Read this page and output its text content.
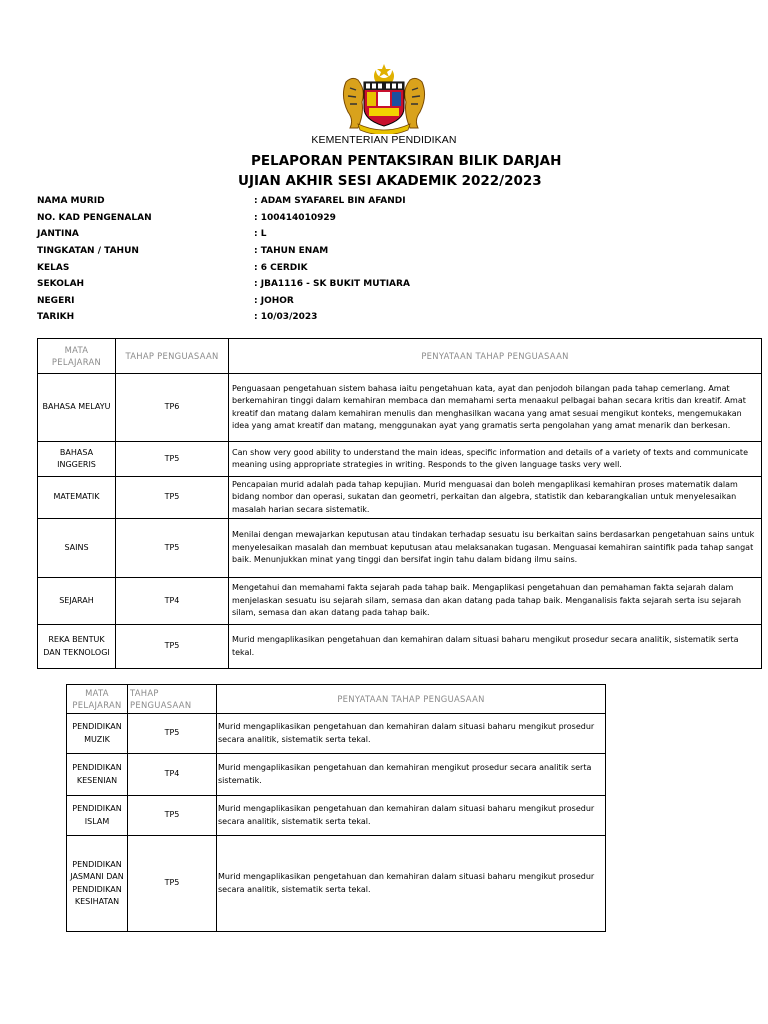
KEMENTERIAN PENDIDIKAN
PELAPORAN PENTAKSIRAN BILIK DARJAH
UJIAN AKHIR SESI AKADEMIK 2022/2023
NAMA MURID	: ADAM SYAFAREL BIN AFANDI
NO. KAD PENGENALAN	: 100414010929
JANTINA	: L
TINGKATAN / TAHUN	: TAHUN ENAM
KELAS	: 6 CERDIK
SEKOLAH	: JBA1116 - SK BUKIT MUTIARA
NEGERI	: JOHOR
TARIKH	: 10/03/2023
MATA PELAJARAN	TAHAP PENGUASAAN	PENYATAAN TAHAP PENGUASAAN
BAHASA MELAYU	TP6	Penguasaan pengetahuan sistem bahasa iaitu pengetahuan kata, ayat dan penjodoh bilangan pada tahap cemerlang. Amat berkemahiran tinggi dalam kemahiran membaca dan memahami serta menaakul pelbagai bahan secara kritis dan kreatif. Amat kreatif dan matang dalam kemahiran menulis dan menghasilkan wacana yang amat sesuai mengikut konteks, mengemukakan idea yang amat kreatif dan matang, menggunakan ayat yang gramatis serta pengolahan yang amat menarik dan berkesan.
BAHASA INGGERIS	TP5	Can show very good ability to understand the main ideas, specific information and details of a variety of texts and communicate meaning using appropriate strategies in writing. Responds to the given language tasks very well.
MATEMATIK	TP5	Pencapaian murid adalah pada tahap kepujian. Murid menguasai dan boleh mengaplikasi kemahiran proses matematik dalam bidang nombor dan operasi, sukatan dan geometri, perkaitan dan algebra, statistik dan kebarangkalian untuk menyelesaikan masalah harian secara sistematik.
SAINS	TP5	Menilai dengan mewajarkan keputusan atau tindakan terhadap sesuatu isu berkaitan sains berdasarkan pengetahuan sains untuk menyelesaikan masalah dan membuat keputusan atau melaksanakan tugasan. Menguasai kemahiran saintifik pada tahap sangat baik. Menunjukkan minat yang tinggi dan bersifat ingin tahu dalam bidang ilmu sains.
SEJARAH	TP4	Mengetahui dan memahami fakta sejarah pada tahap baik. Mengaplikasi pengetahuan dan pemahaman fakta sejarah dalam menjelaskan sesuatu isu sejarah silam, semasa dan akan datang pada tahap baik. Menganalisis fakta sejarah serta isu sejarah silam, semasa dan akan datang pada tahap baik.
REKA BENTUK DAN TEKNOLOGI	TP5	Murid mengaplikasikan pengetahuan dan kemahiran dalam situasi baharu mengikut prosedur secara analitik, sistematik serta tekal.
MATA PELAJARAN	TAHAP PENGUASAAN	PENYATAAN TAHAP PENGUASAAN
PENDIDIKAN MUZIK	TP5	Murid mengaplikasikan pengetahuan dan kemahiran dalam situasi baharu mengikut prosedur secara analitik, sistematik serta tekal.
PENDIDIKAN KESENIAN	TP4	Murid mengaplikasikan pengetahuan dan kemahiran mengikut prosedur secara analitik serta sistematik.
PENDIDIKAN ISLAM	TP5	Murid mengaplikasikan pengetahuan dan kemahiran dalam situasi baharu mengikut prosedur secara analitik, sistematik serta tekal.
PENDIDIKAN JASMANI DAN PENDIDIKAN KESIHATAN	TP5	Murid mengaplikasikan pengetahuan dan kemahiran dalam situasi baharu mengikut prosedur secara analitik, sistematik serta tekal.
